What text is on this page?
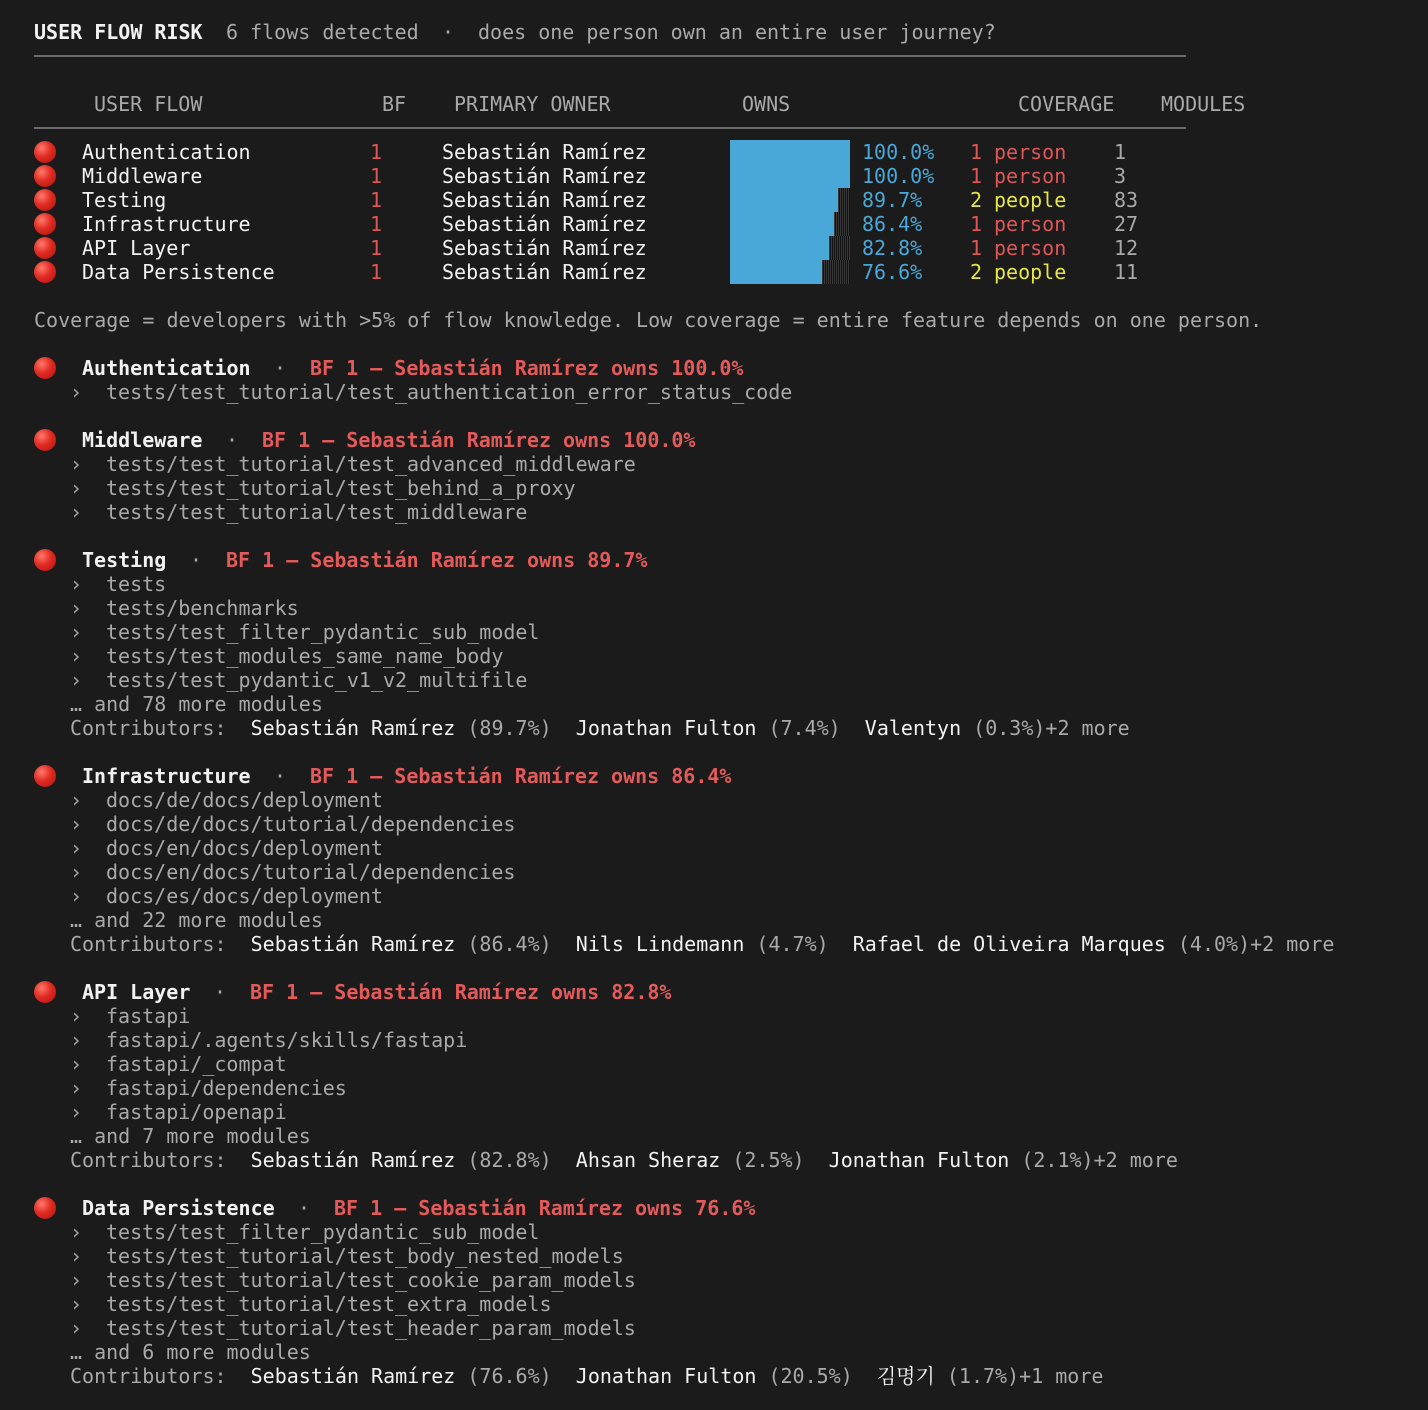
USER FLOW RISK 6 flows detected · does one person own an entire user journey?
USER FLOW	BF PRIMARY OWNER	OWNS	COVERAGE MODULES
Authentication	1	Sebastián Ramírez	100.0% 1 person 1
Middleware	1	Sebastián Ramírez	100.0% 1 person 3
Testing	1	Sebastián Ramírez	89.7% 2 people 83
Infrastructure	1	Sebastián Ramírez	86.4% 1 person 27
API Layer	1	Sebastián Ramírez	82.8% 1 person 12
Data Persistence	1	Sebastián Ramírez	76.6% 2 people 11
Coverage = developers with >5% of flow knowledge. Low coverage = entire feature depends on one person.
Authentication · BF 1 — Sebastián Ramírez owns 100.0%
› tests/test_tutorial/test_authentication_error_status_code
Middleware · BF 1 — Sebastián Ramírez owns 100.0%
› tests/test_tutorial/test_advanced_middleware
› tests/test_tutorial/test_behind_a_proxy
› tests/test_tutorial/test_middleware
Testing · BF 1 — Sebastián Ramírez owns 89.7%
› tests
› tests/benchmarks
› tests/test_filter_pydantic_sub_model
› tests/test_modules_same_name_body
› tests/test_pydantic_v1_v2_multifile
… and 78 more modules
Contributors: Sebastián Ramírez (89.7%) Jonathan Fulton (7.4%) Valentyn (0.3%)+2 more
Infrastructure · BF 1 — Sebastián Ramírez owns 86.4%
› docs/de/docs/deployment
› docs/de/docs/tutorial/dependencies
› docs/en/docs/deployment
› docs/en/docs/tutorial/dependencies
› docs/es/docs/deployment
… and 22 more modules
Contributors: Sebastián Ramírez (86.4%) Nils Lindemann (4.7%) Rafael de Oliveira Marques (4.0%)+2 more
API Layer · BF 1 — Sebastián Ramírez owns 82.8%
› fastapi
› fastapi/.agents/skills/fastapi
› fastapi/_compat
› fastapi/dependencies
› fastapi/openapi
… and 7 more modules
Contributors: Sebastián Ramírez (82.8%) Ahsan Sheraz (2.5%) Jonathan Fulton (2.1%)+2 more
Data Persistence · BF 1 — Sebastián Ramírez owns 76.6%
› tests/test_filter_pydantic_sub_model
› tests/test_tutorial/test_body_nested_models
› tests/test_tutorial/test_cookie_param_models
› tests/test_tutorial/test_extra_models
› tests/test_tutorial/test_header_param_models
… and 6 more modules
Contributors: Sebastián Ramírez (76.6%) Jonathan Fulton (20.5%) 김명기 (1.7%)+1 more
